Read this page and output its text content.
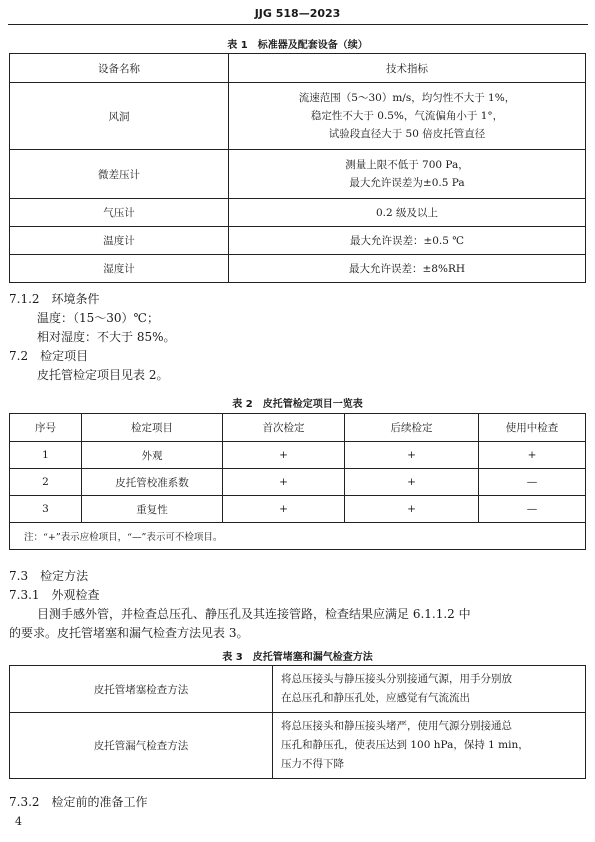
JJG 518—2023
表 1　标准器及配套设备（续）
设备名称	技术指标
风洞	流速范围（5～30）m/s，均匀性不大于 1%，
稳定性不大于 0.5%，气流偏角小于 1°，
试验段直径大于 50 倍皮托管直径

微差压计	测量上限不低于 700 Pa，
最大允许误差为±0.5 Pa

气压计	0.2 级及以上
温度计	最大允许误差：±0.5 ℃
湿度计	最大允许误差：±8%RH
7.1.2　环境条件
温度：（15～30）℃；
相对湿度：不大于 85%。
7.2　检定项目
皮托管检定项目见表 2。
表 2　皮托管检定项目一览表
序号	检定项目	首次检定	后续检定	使用中检查
1	外观	+	+	+
2	皮托管校准系数	+	+	—
3	重复性	+	+	—
注：“+”表示应检项目，“—”表示可不检项目。				
7.3　检定方法
7.3.1　外观检查
目测手感外管，并检查总压孔、静压孔及其连接管路，检查结果应满足 6.1.1.2 中
的要求。皮托管堵塞和漏气检查方法见表 3。
表 3　皮托管堵塞和漏气检查方法
皮托管堵塞检查方法	将总压接头与静压接头分别接通气源，用手分别放
在总压孔和静压孔处，应感觉有气流流出

皮托管漏气检查方法	将总压接头和静压接头堵严，使用气源分别接通总
压孔和静压孔，使表压达到 100 hPa，保持 1 min，
压力不得下降
7.3.2　检定前的准备工作
4
